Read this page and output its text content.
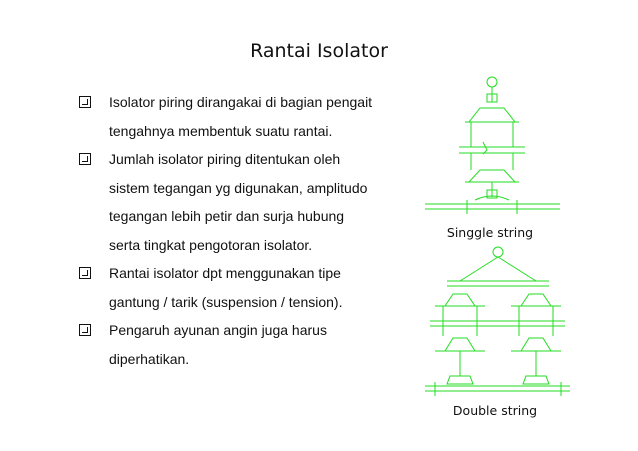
Rantai Isolator
Isolator piring dirangakai di bagian pengait tengahnya membentuk suatu rantai.
Jumlah isolator piring ditentukan oleh sistem tegangan yg digunakan, amplitudo tegangan lebih petir dan surja hubung serta tingkat pengotoran isolator.
Rantai isolator dpt menggunakan tipe gantung / tarik (suspension / tension).
Pengaruh ayunan angin juga harus diperhatikan.
Singgle string
Double string
